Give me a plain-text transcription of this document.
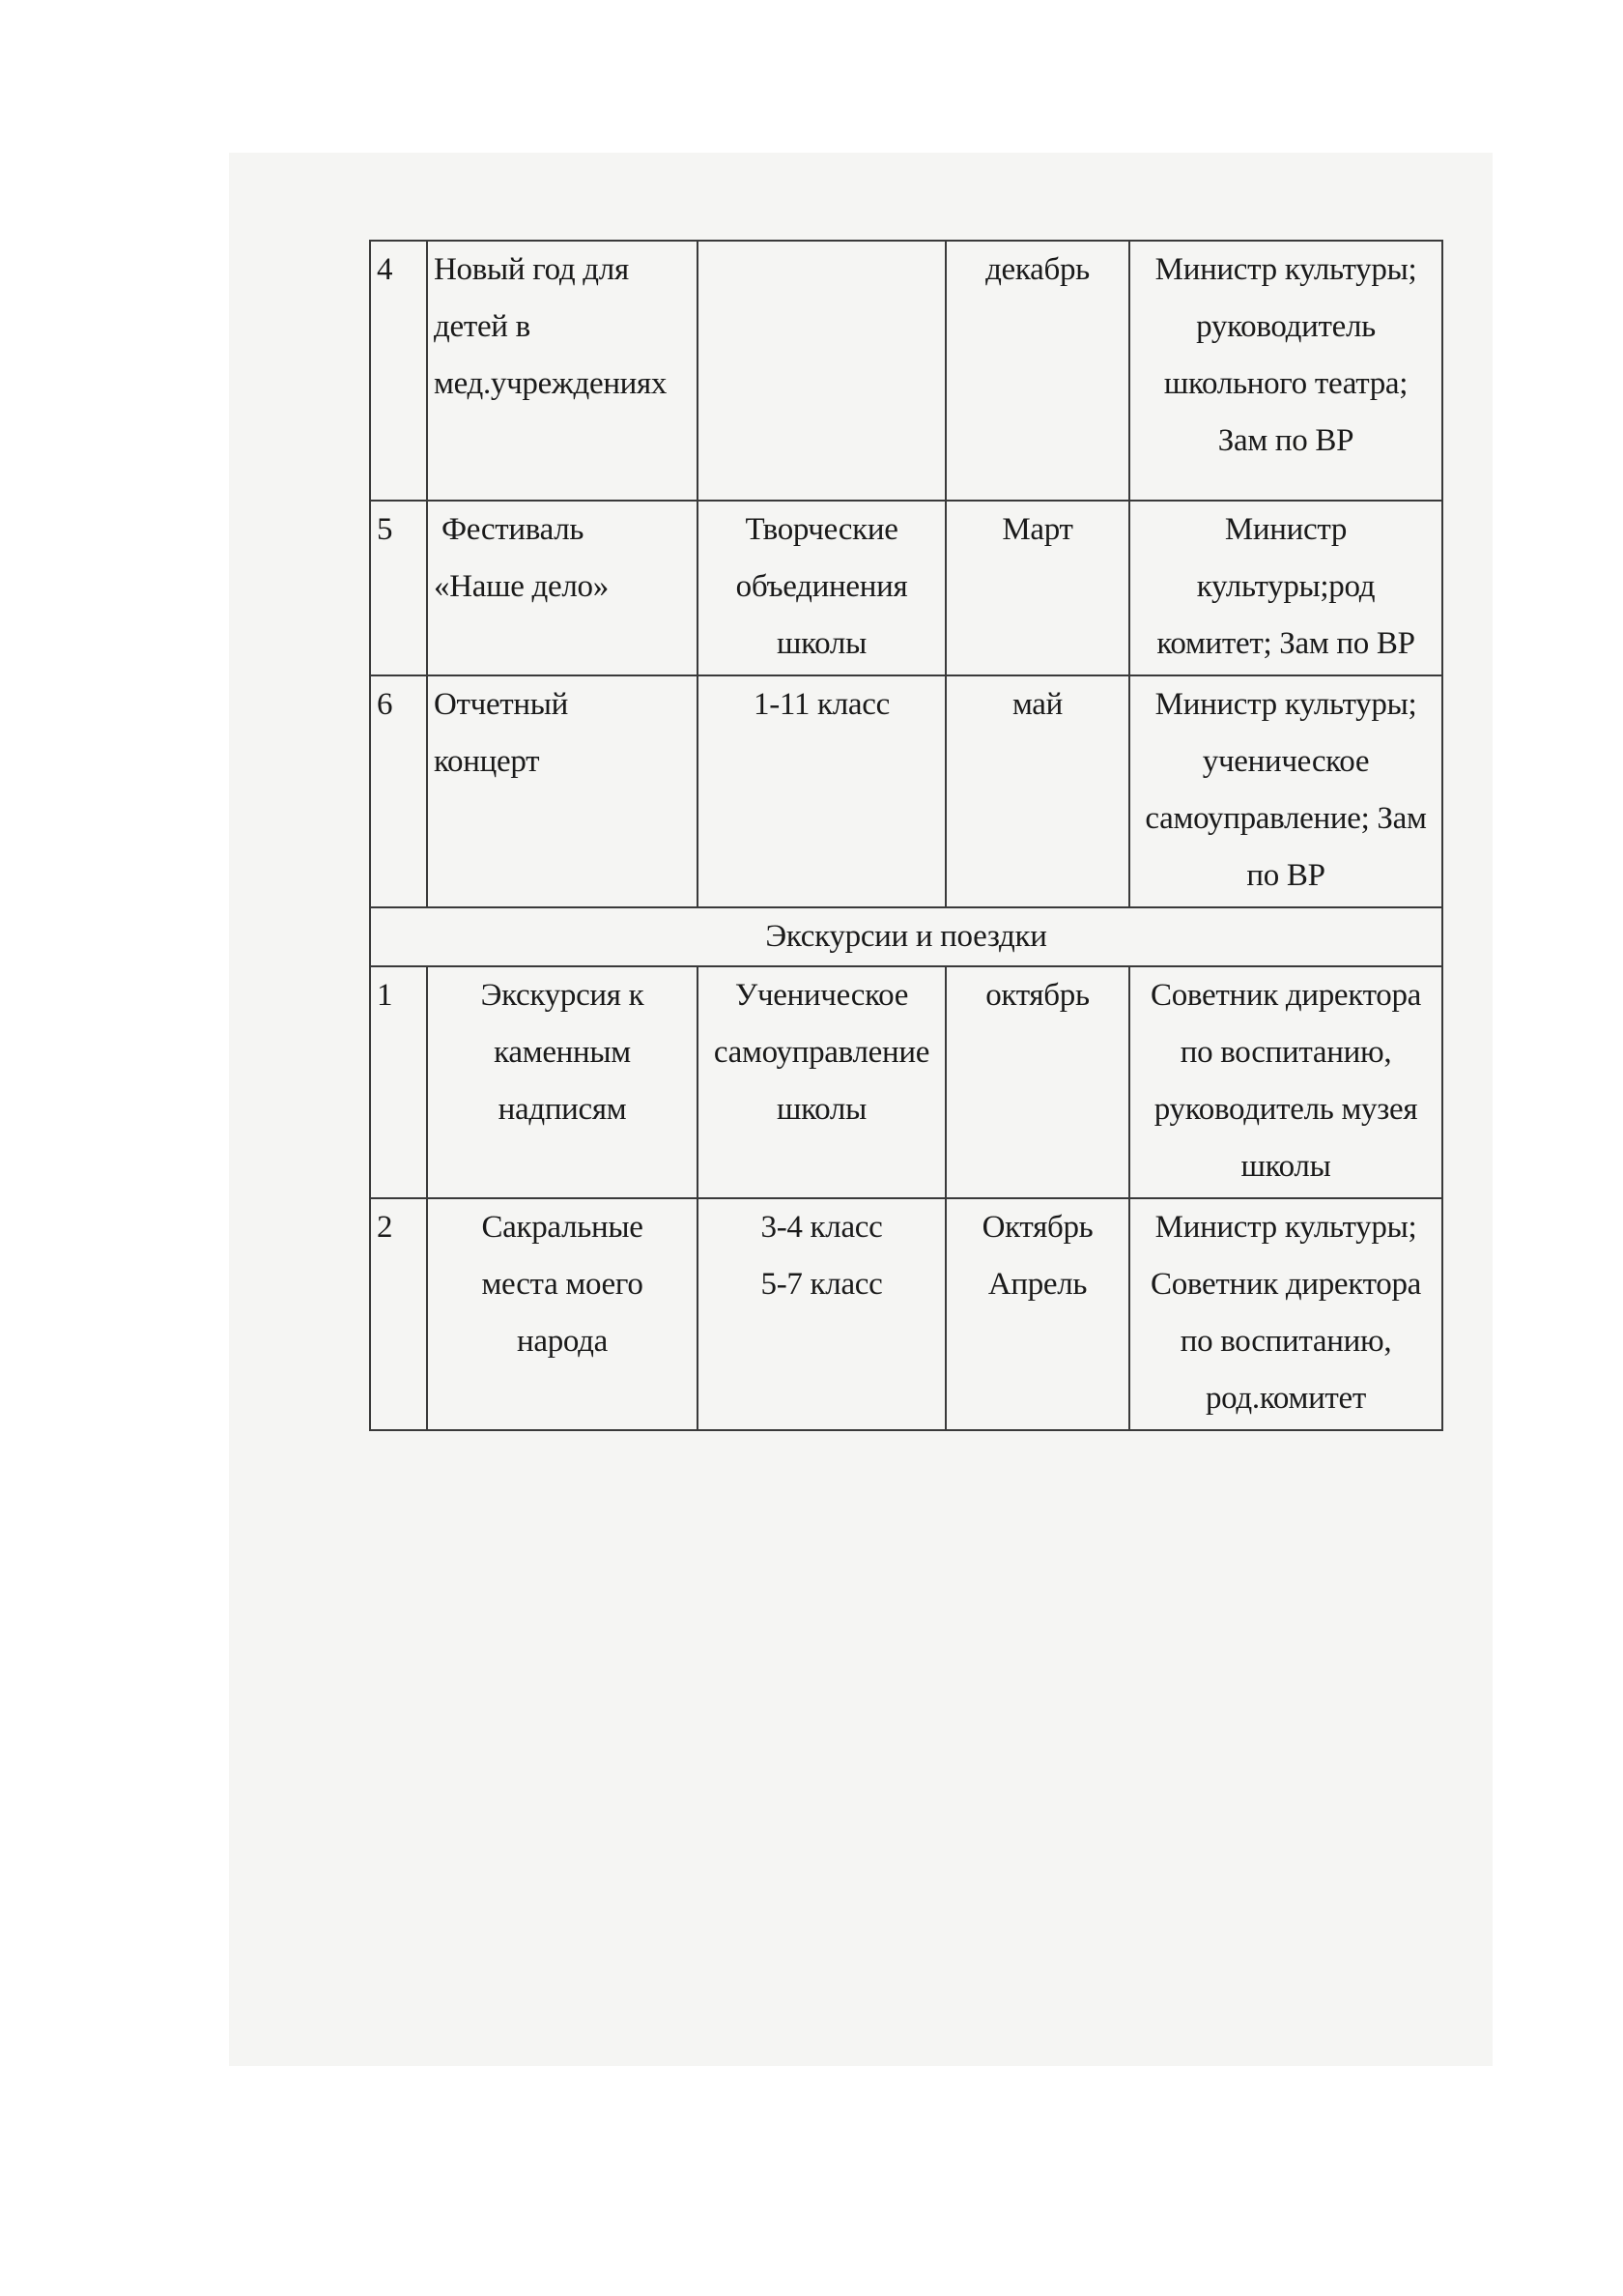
4	Новый год для
детей в
мед.учреждениях		декабрь	Министр культуры;
руководитель
школьного театра;
Зам по ВР

5	Фестиваль
«Наше дело»	Творческие
объединения
школы	Март	Министр
культуры;род
комитет; Зам по ВР

6	Отчетный
концерт	1-11 класс	май	Министр культуры;
ученическое
самоуправление; Зам
по ВР

Экскурсии и поездки				

1	Экскурсия к
каменным
надписям	Ученическое
самоуправление
школы	октябрь	Советник директора
по воспитанию,
руководитель музея
школы

2	Сакральные
места моего
народа	3-4 класс
5-7 класс	Октябрь
Апрель	Министр культуры;
Советник директора
по воспитанию,
род.комитет
